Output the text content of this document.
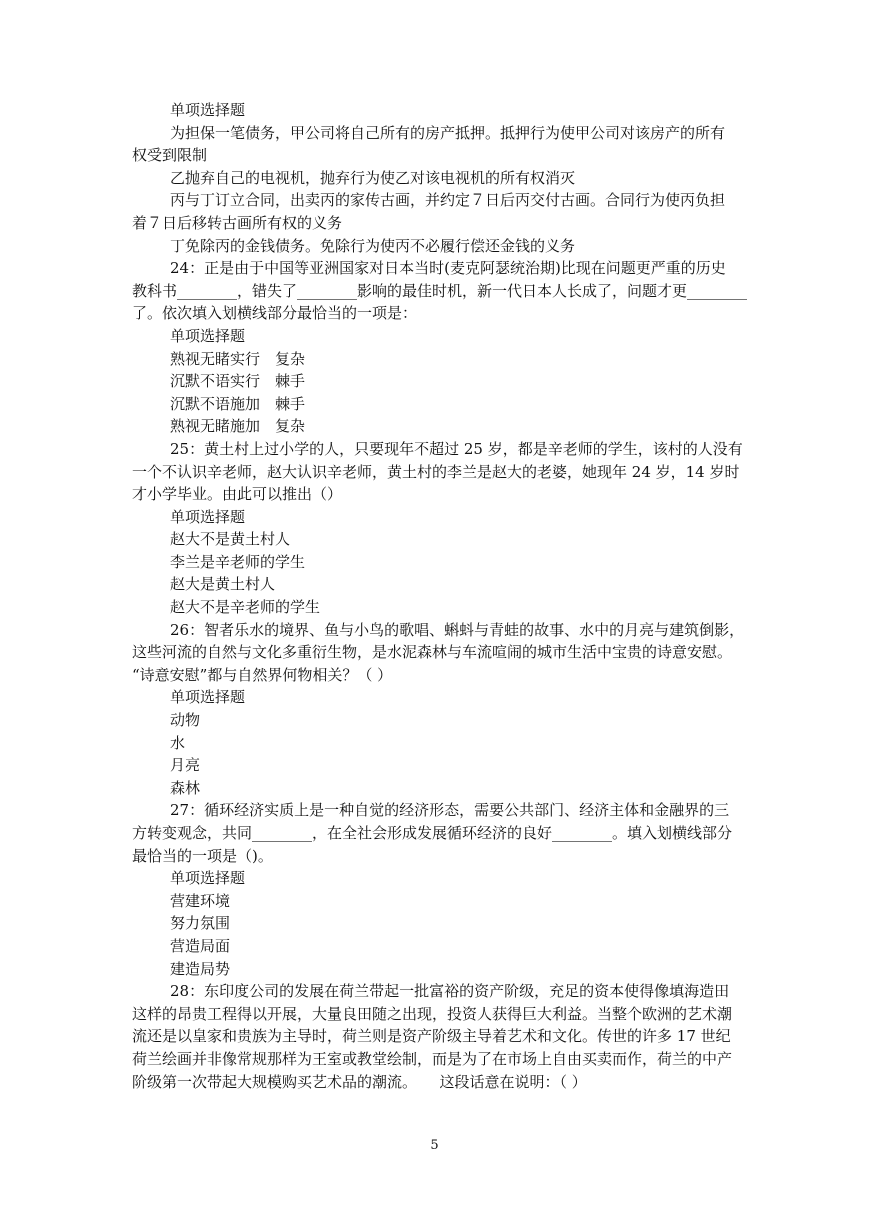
单项选择题
为担保一笔债务，甲公司将自己所有的房产抵押。抵押行为使甲公司对该房产的所有
权受到限制
乙抛弃自己的电视机，抛弃行为使乙对该电视机的所有权消灭
丙与丁订立合同，出卖丙的家传古画，并约定７日后丙交付古画。合同行为使丙负担
着７日后移转古画所有权的义务
丁免除丙的金钱债务。免除行为使丙不必履行偿还金钱的义务
24：正是由于中国等亚洲国家对日本当时(麦克阿瑟统治期)比现在问题更严重的历史
教科书________，错失了________影响的最佳时机，新一代日本人长成了，问题才更________
了。依次填入划横线部分最恰当的一项是：
单项选择题
熟视无睹实行　复杂
沉默不语实行　棘手
沉默不语施加　棘手
熟视无睹施加　复杂
25：黄土村上过小学的人，只要现年不超过 25 岁，都是辛老师的学生，该村的人没有
一个不认识辛老师，赵大认识辛老师，黄土村的李兰是赵大的老婆，她现年 24 岁，14 岁时
才小学毕业。由此可以推出（）
单项选择题
赵大不是黄土村人
李兰是辛老师的学生
赵大是黄土村人
赵大不是辛老师的学生
26：智者乐水的境界、鱼与小鸟的歌唱、蝌蚪与青蛙的故事、水中的月亮与建筑倒影，
这些河流的自然与文化多重衍生物，是水泥森林与车流喧闹的城市生活中宝贵的诗意安慰。
“诗意安慰”都与自然界何物相关？（ ）
单项选择题
动物
水
月亮
森林
27：循环经济实质上是一种自觉的经济形态，需要公共部门、经济主体和金融界的三
方转变观念，共同________，在全社会形成发展循环经济的良好________。填入划横线部分
最恰当的一项是（)。
单项选择题
营建环境
努力氛围
营造局面
建造局势
28：东印度公司的发展在荷兰带起一批富裕的资产阶级，充足的资本使得像填海造田
这样的昂贵工程得以开展，大量良田随之出现，投资人获得巨大利益。当整个欧洲的艺术潮
流还是以皇家和贵族为主导时，荷兰则是资产阶级主导着艺术和文化。传世的许多 17 世纪
荷兰绘画并非像常规那样为王室或教堂绘制，而是为了在市场上自由买卖而作，荷兰的中产
阶级第一次带起大规模购买艺术品的潮流。　　这段话意在说明：（ ）
5
